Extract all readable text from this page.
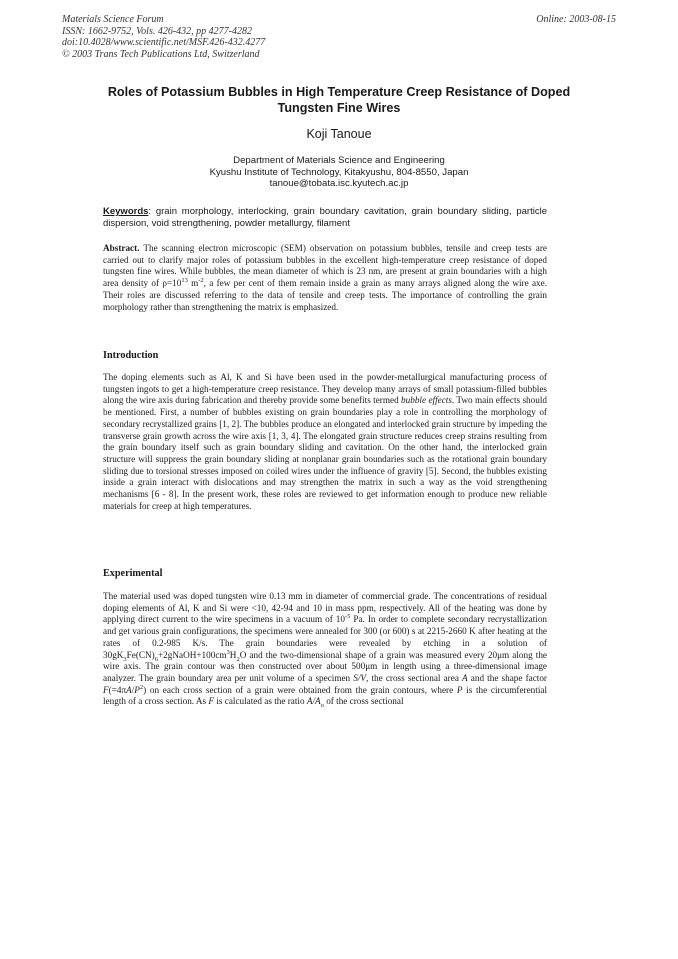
Materials Science Forum
ISSN: 1662-9752, Vols. 426-432, pp 4277-4282
doi:10.4028/www.scientific.net/MSF.426-432.4277
© 2003 Trans Tech Publications Ltd, Switzerland
Online: 2003-08-15
Roles of Potassium Bubbles in High Temperature Creep Resistance of Doped Tungsten Fine Wires
Koji Tanoue
Department of Materials Science and Engineering
Kyushu Institute of Technology, Kitakyushu, 804-8550, Japan
tanoue@tobata.isc.kyutech.ac.jp
Keywords: grain morphology, interlocking, grain boundary cavitation, grain boundary sliding, particle dispersion, void strengthening, powder metallurgy, filament
Abstract. The scanning electron microscopic (SEM) observation on potassium bubbles, tensile and creep tests are carried out to clarify major roles of potassium bubbles in the excellent high-temperature creep resistance of doped tungsten fine wires. While bubbles, the mean diameter of which is 23 nm, are present at grain boundaries with a high area density of $\rho=10^{13}$ $m^{-2}$, a few per cent of them remain inside a grain as many arrays aligned along the wire axe. Their roles are discussed referring to the data of tensile and creep tests. The importance of controlling the grain morphology rather than strengthening the matrix is emphasized.
Introduction
The doping elements such as Al, K and Si have been used in the powder-metallurgical manufacturing process of tungsten ingots to get a high-temperature creep resistance. They develop many arrays of small potassium-filled bubbles along the wire axis during fabrication and thereby provide some benefits termed bubble effects. Two main effects should be mentioned. First, a number of bubbles existing on grain boundaries play a role in controlling the morphology of secondary recrystallized grains [1, 2]. The bubbles produce an elongated and interlocked grain structure by impeding the transverse grain growth across the wire axis [1, 3, 4]. The elongated grain structure reduces creep strains resulting from the grain boundary itself such as grain boundary sliding and cavitation. On the other hand, the interlocked grain structure will suppress the grain boundary sliding at nonplanar grain boundaries such as the rotational grain boundary sliding due to torsional stresses imposed on coiled wires under the influence of gravity [5]. Second, the bubbles existing inside a grain interact with dislocations and may strengthen the matrix in such a way as the void strengthening mechanisms [6 - 8]. In the present work, these roles are reviewed to get information enough to produce new reliable materials for creep at high temperatures.
Experimental
The material used was doped tungsten wire 0.13 mm in diameter of commercial grade. The concentrations of residual doping elements of Al, K and Si were <10, 42-94 and 10 in mass ppm, respectively. All of the heating was done by applying direct current to the wire specimens in a vacuum of $10^{-5}$ Pa. In order to complete secondary recrystallization and get various grain configurations, the specimens were annealed for 300 (or 600) s at 2215-2660 K after heating at the rates of 0.2-985 K/s. The grain boundaries were revealed by etching in a solution of $30gK_3Fe(CN)_6+2gNaOH+100cm^3H_2O$ and the two-dimensional shape of a grain was measured every 20μm along the wire axis. The grain contour was then constructed over about 500μm in length using a three-dimensional image analyzer. The grain boundary area per unit volume of a specimen S/V, the cross sectional area A and the shape factor $F(=4\pi A/P^2)$ on each cross section of a grain were obtained from the grain contours, where P is the circumferential length of a cross section. As F is calculated as the ratio $A/A_o$ of the cross sectional
